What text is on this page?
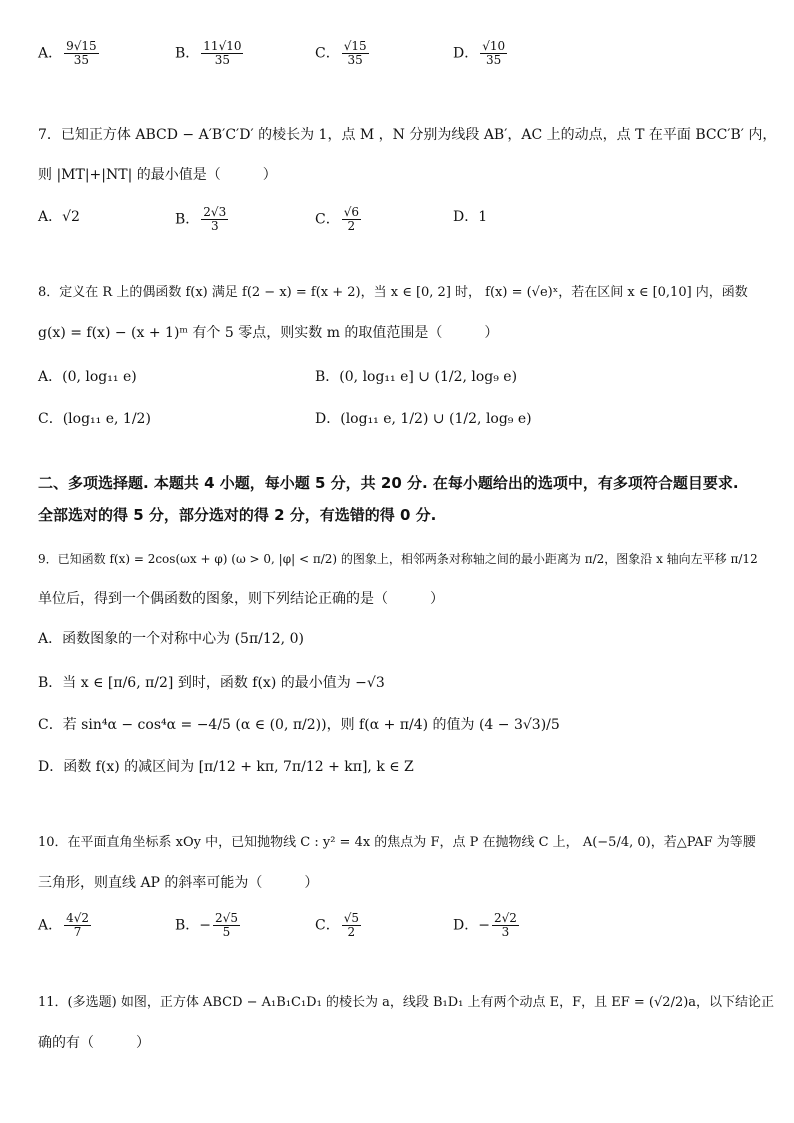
A． $\frac{9√15}{35}$	B． $\frac{11√10}{35}$	C． $\frac{√15}{35}$	D． $\frac{√10}{35}$
7．已知正方体 ABCD − A′B′C′D′ 的棱长为 1，点 M ，N 分别为线段 AB′，AC 上的动点，点 T 在平面 BCC′B′ 内，
则 |MT|+|NT| 的最小值是（　　　）
A．√2	B． $\frac{2√3}{3}$	C． $\frac{√6}{2}$	D．1
8．定义在 R 上的偶函数 f(x) 满足 f(2 − x) = f(x + 2)，当 x ∈ [0, 2] 时， f(x) = (√e)ˣ，若在区间 x ∈ [0,10] 内，函数
g(x) = f(x) − (x + 1)ᵐ 有个 5 零点，则实数 m 的取值范围是（　　　）
A．(0, log₁₁ e)	B．(0, log₁₁ e] ∪ (1/2, log₉ e)
C．(log₁₁ e, 1/2)	D．(log₁₁ e, 1/2) ∪ (1/2, log₉ e)
二、多项选择题. 本题共 4 小题，每小题 5 分，共 20 分. 在每小题给出的选项中，有多项符合题目要求.
全部选对的得 5 分，部分选对的得 2 分，有选错的得 0 分.
9．已知函数 f(x) = 2cos(ωx + φ) (ω > 0, |φ| < π/2) 的图象上，相邻两条对称轴之间的最小距离为 π/2，图象沿 x 轴向左平移 π/12
单位后，得到一个偶函数的图象，则下列结论正确的是（　　　）
A．函数图象的一个对称中心为 (5π/12, 0)
B．当 x ∈ [π/6, π/2] 到时，函数 f(x) 的最小值为 −√3
C．若 sin⁴α − cos⁴α = −4/5 (α ∈ (0, π/2))，则 f(α + π/4) 的值为 (4 − 3√3)/5
D．函数 f(x) 的减区间为 [π/12 + kπ, 7π/12 + kπ], k ∈ Z
10．在平面直角坐标系 xOy 中，已知抛物线 C : y² = 4x 的焦点为 F，点 P 在抛物线 C 上， A(−5/4, 0)，若△PAF 为等腰
三角形，则直线 AP 的斜率可能为（　　　）
A． $\frac{4√2}{7}$	B．− $\frac{2√5}{5}$	C． $\frac{√5}{2}$	D．− $\frac{2√2}{3}$
11．(多选题) 如图，正方体 ABCD − A₁B₁C₁D₁ 的棱长为 a，线段 B₁D₁ 上有两个动点 E，F，且 EF = (√2/2)a，以下结论正
确的有（　　　）
